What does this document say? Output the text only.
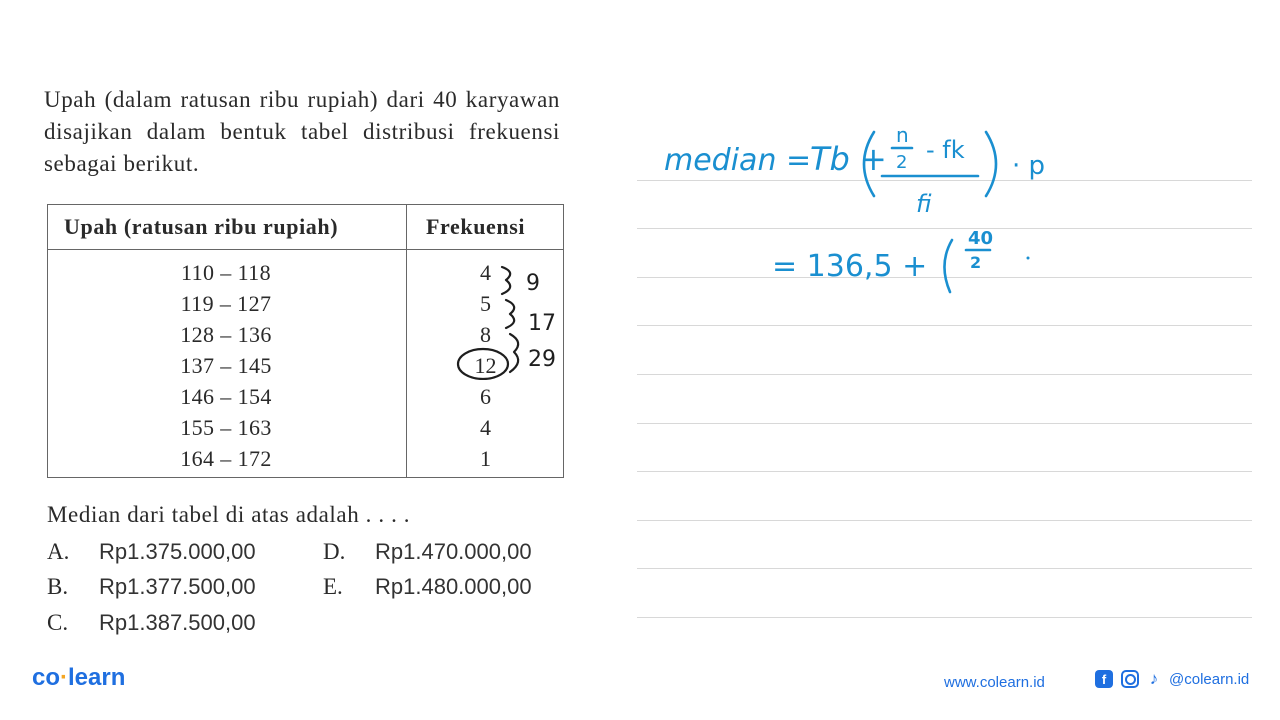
Upah (dalam ratusan ribu rupiah) dari 40 karyawan disajikan dalam bentuk tabel distribusi frekuensi sebagai berikut.
Upah (ratusan ribu rupiah)	Frekuensi
110 – 118	4
119 – 127	5
128 – 136	8
137 – 145	12
146 – 154	6
155 – 163	4
164 – 172	1
9
17
29
Median dari tabel di atas adalah . . . .
A. Rp1.375.000,00	D. Rp1.470.000,00
B. Rp1.377.500,00	E. Rp1.480.000,00
C. Rp1.387.500,00
median =
Tb +
n
2 - fk
fi
· p
= 136,5 +
40
2
co·learn	www.colearn.id	f	♪ @colearn.id
